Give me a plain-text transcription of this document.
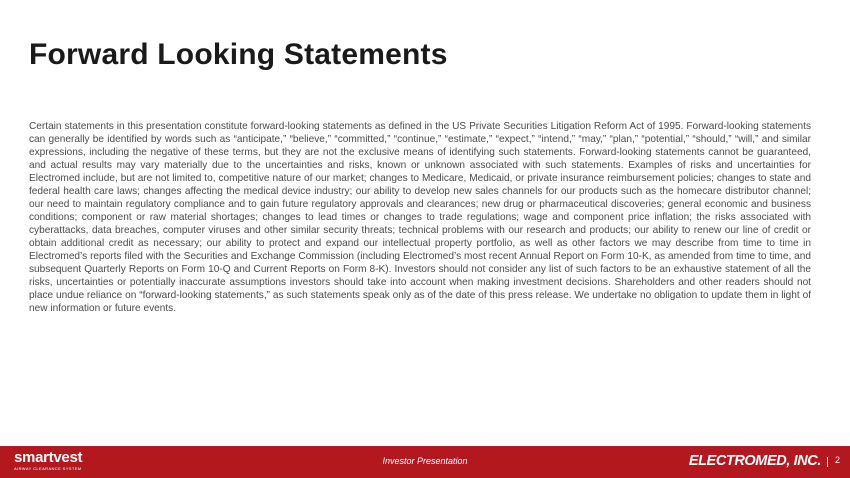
Forward Looking Statements

Certain statements in this presentation constitute forward-looking statements as defined in the US Private Securities Litigation Reform Act of 1995. Forward-looking statements can generally be identified by words such as “anticipate,” “believe,” “committed,” “continue,” “estimate,” “expect,” “intend,” “may,” “plan,” “potential,” “should,” “will,” and similar expressions, including the negative of these terms, but they are not the exclusive means of identifying such statements. Forward-looking statements cannot be guaranteed, and actual results may vary materially due to the uncertainties and risks, known or unknown associated with such statements. Examples of risks and uncertainties for Electromed include, but are not limited to, competitive nature of our market; changes to Medicare, Medicaid, or private insurance reimbursement policies; changes to state and federal health care laws; changes affecting the medical device industry; our ability to develop new sales channels for our products such as the homecare distributor channel; our need to maintain regulatory compliance and to gain future regulatory approvals and clearances; new drug or pharmaceutical discoveries; general economic and business conditions; component or raw material shortages; changes to lead times or changes to trade regulations; wage and component price inflation; the risks associated with cyberattacks, data breaches, computer viruses and other similar security threats; technical problems with our research and products; our ability to renew our line of credit or obtain additional credit as necessary; our ability to protect and expand our intellectual property portfolio, as well as other factors we may describe from time to time in Electromed’s reports filed with the Securities and Exchange Commission (including Electromed’s most recent Annual Report on Form 10-K, as amended from time to time, and subsequent Quarterly Reports on Form 10-Q and Current Reports on Form 8-K). Investors should not consider any list of such factors to be an exhaustive statement of all the risks, uncertainties or potentially inaccurate assumptions investors should take into account when making investment decisions. Shareholders and other readers should not place undue reliance on “forward-looking statements,” as such statements speak only as of the date of this press release. We undertake no obligation to update them in light of new information or future events.

smartvest
AIRWAY CLEARANCE SYSTEM
Investor Presentation	ELECTROMED, INC. 2
